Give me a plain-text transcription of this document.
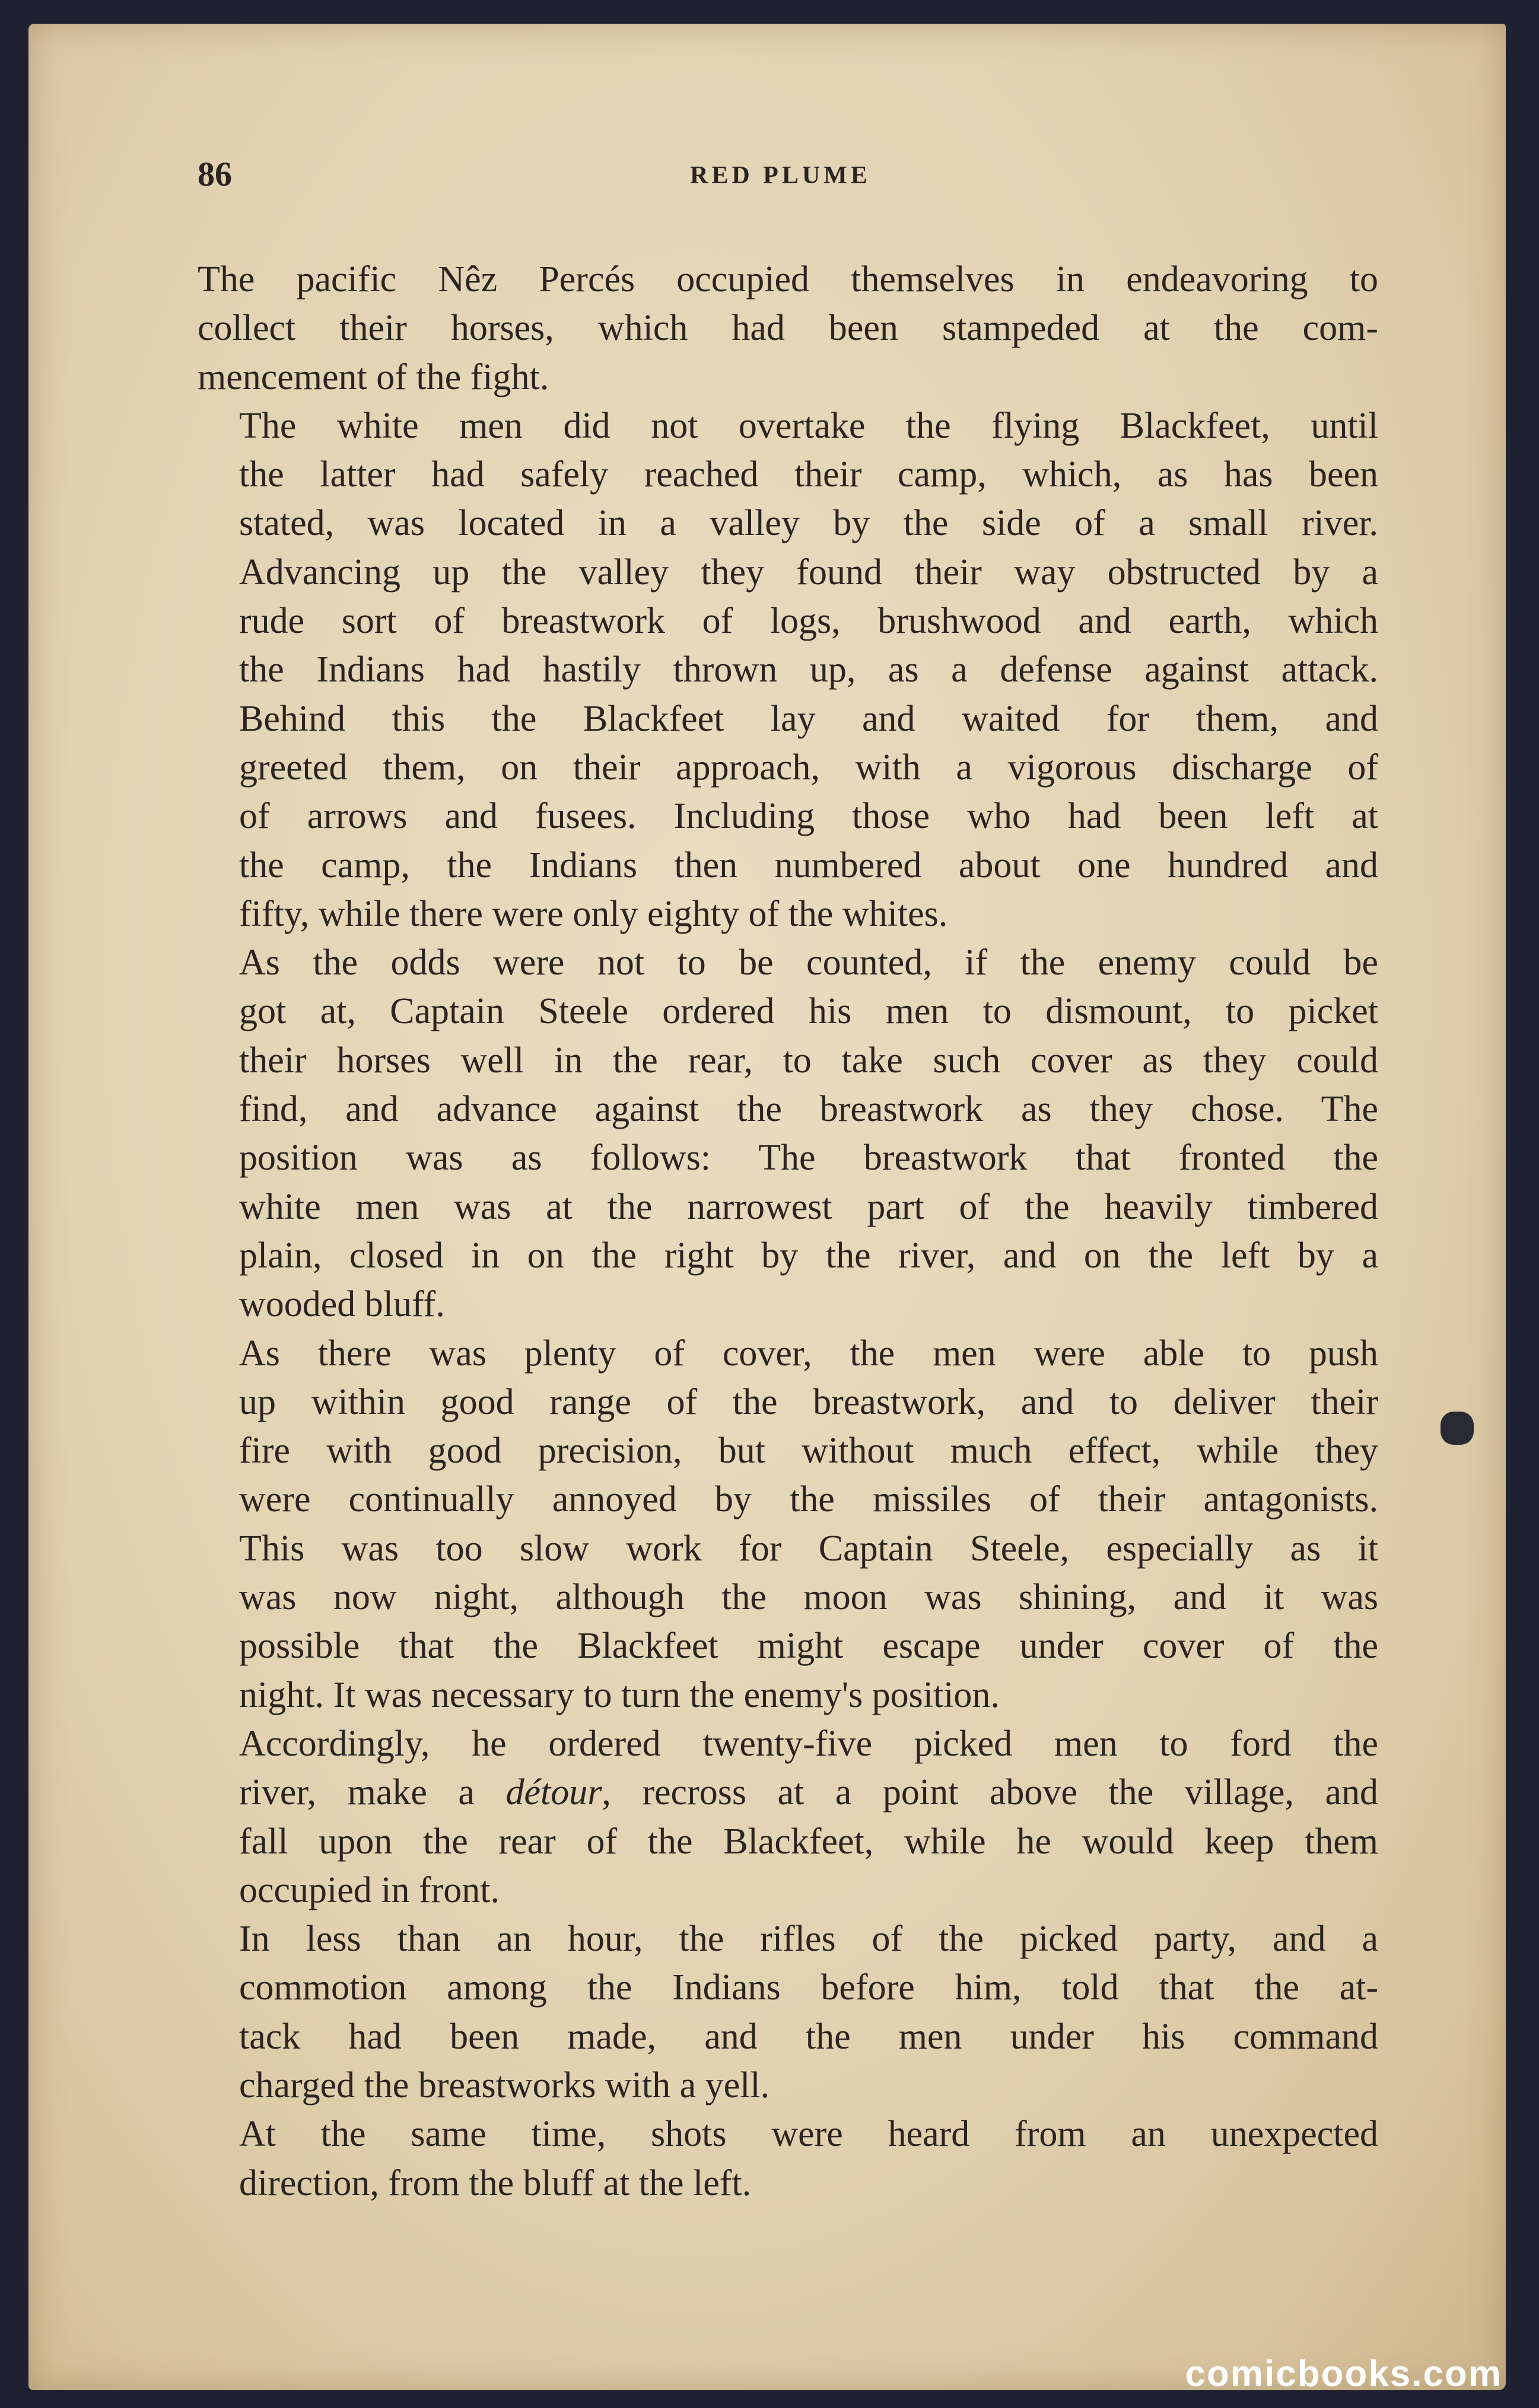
86	RED PLUME

The pacific Nêz Percés occupied themselves in endeavoring to
collect their horses, which had been stampeded at the com-
mencement of the fight.

The white men did not overtake the flying Blackfeet, until
the latter had safely reached their camp, which, as has been
stated, was located in a valley by the side of a small river.
Advancing up the valley they found their way obstructed by a
rude sort of breastwork of logs, brushwood and earth, which
the Indians had hastily thrown up, as a defense against attack.
Behind this the Blackfeet lay and waited for them, and
greeted them, on their approach, with a vigorous discharge of
of arrows and fusees. Including those who had been left at
the camp, the Indians then numbered about one hundred and
fifty, while there were only eighty of the whites.

As the odds were not to be counted, if the enemy could be
got at, Captain Steele ordered his men to dismount, to picket
their horses well in the rear, to take such cover as they could
find, and advance against the breastwork as they chose. The
position was as follows: The breastwork that fronted the
white men was at the narrowest part of the heavily timbered
plain, closed in on the right by the river, and on the left by a
wooded bluff.

As there was plenty of cover, the men were able to push
up within good range of the breastwork, and to deliver their
fire with good precision, but without much effect, while they
were continually annoyed by the missiles of their antagonists.
This was too slow work for Captain Steele, especially as it
was now night, although the moon was shining, and it was
possible that the Blackfeet might escape under cover of the
night. It was necessary to turn the enemy's position.

Accordingly, he ordered twenty-five picked men to ford the
river, make a détour, recross at a point above the village, and
fall upon the rear of the Blackfeet, while he would keep them
occupied in front.

In less than an hour, the rifles of the picked party, and a
commotion among the Indians before him, told that the at-
tack had been made, and the men under his command
charged the breastworks with a yell.

At the same time, shots were heard from an unexpected
direction, from the bluff at the left.

comicbooks.com
